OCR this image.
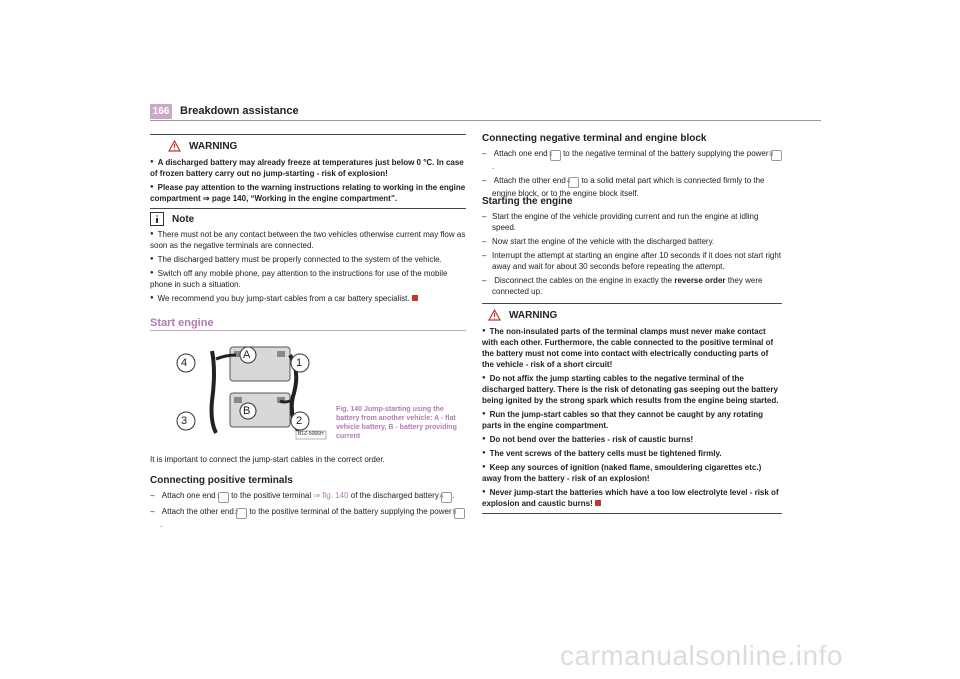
166 Breakdown assistance
WARNING
● A discharged battery may already freeze at temperatures just below 0 °C. In case of frozen battery carry out no jump-starting - risk of explosion!
● Please pay attention to the warning instructions relating to working in the engine compartment ⇒ page 140, “Working in the engine compartment”.
Note
● There must not be any contact between the two vehicles otherwise current may flow as soon as the negative terminals are connected.
● The discharged battery must be properly connected to the system of the vehicle.
● Switch off any mobile phone, pay attention to the instructions for use of the mobile phone in such a situation.
● We recommend you buy jump-start cables from a car battery specialist.
Start engine
4	1
3	2
A
B
B1Z-5066H
Fig. 140 Jump-starting using the battery from another vehicle: A - flat vehicle battery, B - battery providing current
It is important to connect the jump-start cables in the correct order.
Connecting positive terminals
– Attach one end 1 to the positive terminal ⇒ fig. 140 of the discharged battery A .
– Attach the other end 2 to the positive terminal of the battery supplying the power B.
Connecting negative terminal and engine block
– Attach one end 3 to the negative terminal of the battery supplying the power B.
– Attach the other end 4 to a solid metal part which is connected firmly to the engine block, or to the engine block itself.
Starting the engine
– Start the engine of the vehicle providing current and run the engine at idling speed.
– Now start the engine of the vehicle with the discharged battery.
– Interrupt the attempt at starting an engine after 10 seconds if it does not start right away and wait for about 30 seconds before repeating the attempt.
– Disconnect the cables on the engine in exactly the reverse order they were connected up.
WARNING
● The non-insulated parts of the terminal clamps must never make contact with each other. Furthermore, the cable connected to the positive terminal of the battery must not come into contact with electrically conducting parts of the vehicle - risk of a short circuit!
● Do not affix the jump starting cables to the negative terminal of the discharged battery. There is the risk of detonating gas seeping out the battery being ignited by the strong spark which results from the engine being started.
● Run the jump-start cables so that they cannot be caught by any rotating parts in the engine compartment.
● Do not bend over the batteries - risk of caustic burns!
● The vent screws of the battery cells must be tightened firmly.
● Keep any sources of ignition (naked flame, smouldering cigarettes etc.) away from the battery - risk of an explosion!
● Never jump-start the batteries which have a too low electrolyte level - risk of explosion and caustic burns!
carmanualsonline.info
